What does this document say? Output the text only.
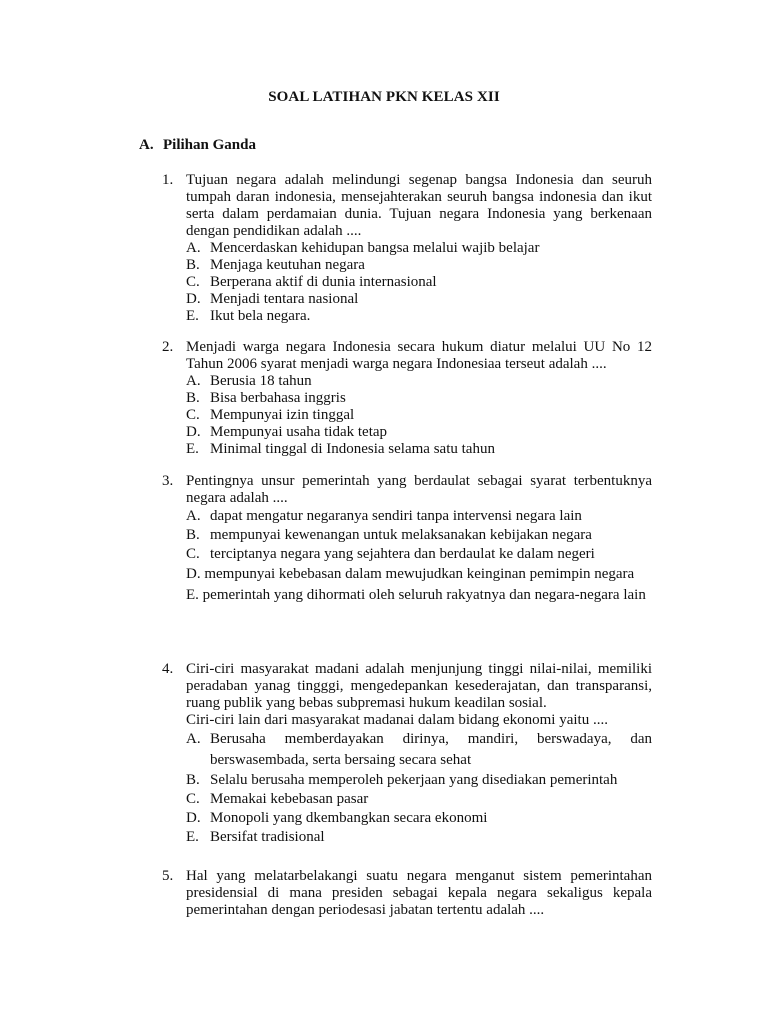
SOAL LATIHAN PKN KELAS XII
A. Pilihan Ganda
1. Tujuan negara adalah melindungi segenap bangsa Indonesia dan seuruh tumpah daran indonesia, mensejahterakan seuruh bangsa indonesia dan ikut serta dalam perdamaian dunia. Tujuan negara Indonesia yang berkenaan dengan pendidikan adalah ....
A. Mencerdaskan kehidupan bangsa melalui wajib belajar
B. Menjaga keutuhan negara
C. Berperana aktif di dunia internasional
D. Menjadi tentara nasional
E. Ikut bela negara.
2. Menjadi warga negara Indonesia secara hukum diatur melalui UU No 12 Tahun 2006 syarat menjadi warga negara Indonesiaa terseut adalah ....
A. Berusia 18 tahun
B. Bisa berbahasa inggris
C. Mempunyai izin tinggal
D. Mempunyai usaha tidak tetap
E. Minimal tinggal di Indonesia selama satu tahun
3. Pentingnya unsur pemerintah yang berdaulat sebagai syarat terbentuknya negara adalah ....
A. dapat mengatur negaranya sendiri tanpa intervensi negara lain
B. mempunyai kewenangan untuk melaksanakan kebijakan negara
C. terciptanya negara yang sejahtera dan berdaulat ke dalam negeri
D. mempunyai kebebasan dalam mewujudkan keinginan pemimpin negara
E. pemerintah yang dihormati oleh seluruh rakyatnya dan negara-negara lain
4. Ciri-ciri masyarakat madani adalah menjunjung tinggi nilai-nilai, memiliki peradaban yanag tingggi, mengedepankan kesederajatan, dan transparansi, ruang publik yang bebas subpremasi hukum keadilan sosial.
Ciri-ciri lain dari masyarakat madanai dalam bidang ekonomi yaitu ....
A. Berusaha memberdayakan dirinya, mandiri, berswadaya, dan berswasembada, serta bersaing secara sehat
B. Selalu berusaha memperoleh pekerjaan yang disediakan pemerintah
C. Memakai kebebasan pasar
D. Monopoli yang dkembangkan secara ekonomi
E. Bersifat tradisional
5. Hal yang melatarbelakangi suatu negara menganut sistem pemerintahan presidensial di mana presiden sebagai kepala negara sekaligus kepala pemerintahan dengan periodesasi jabatan tertentu adalah ....
